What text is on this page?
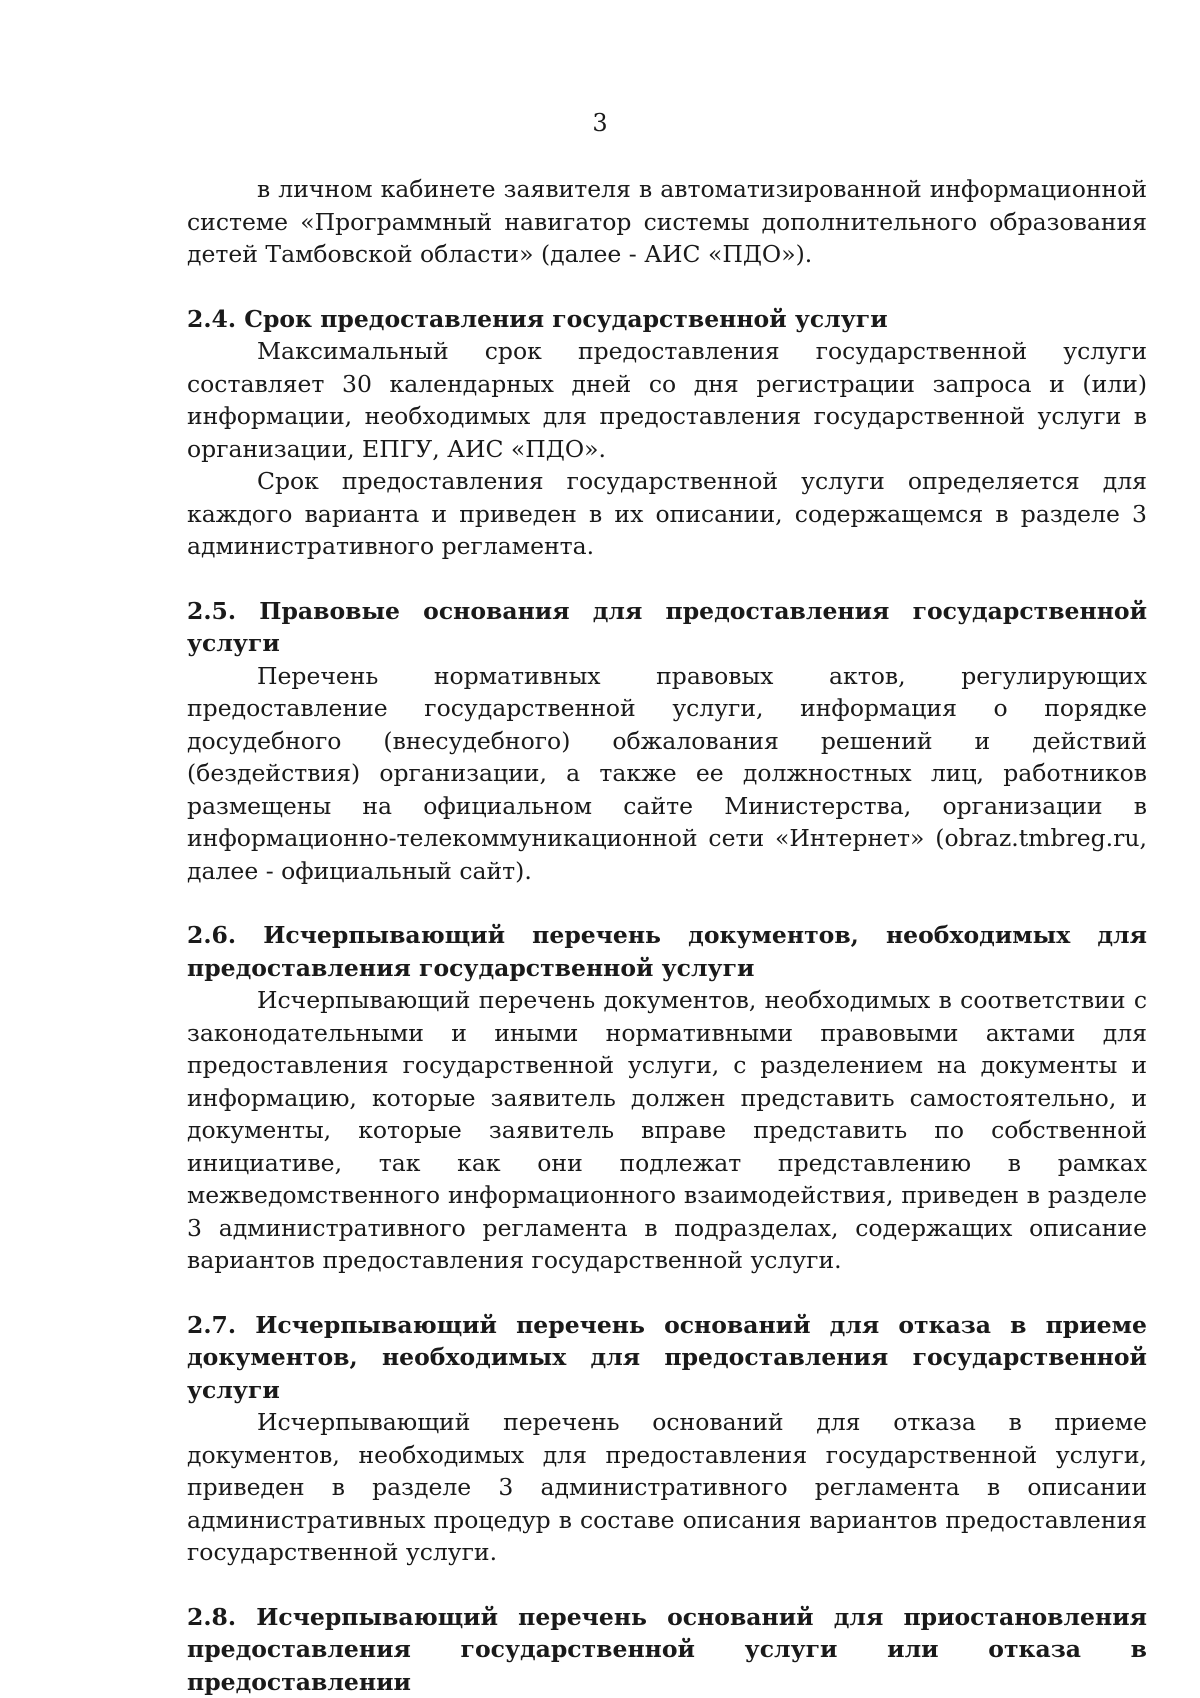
3

в личном кабинете заявителя в автоматизированной информационной системе «Программный навигатор системы дополнительного образования детей Тамбовской области» (далее - АИС «ПДО»).

2.4. Срок предоставления государственной услуги

Максимальный срок предоставления государственной услуги составляет 30 календарных дней со дня регистрации запроса и (или) информации, необходимых для предоставления государственной услуги в организации, ЕПГУ, АИС «ПДО».

Срок предоставления государственной услуги определяется для каждого варианта и приведен в их описании, содержащемся в разделе 3 административного регламента.

2.5. Правовые основания для предоставления государственной услуги

Перечень нормативных правовых актов, регулирующих предоставление государственной услуги, информация о порядке досудебного (внесудебного) обжалования решений и действий (бездействия) организации, а также ее должностных лиц, работников размещены на официальном сайте Министерства, организации в информационно-телекоммуникационной сети «Интернет» (obraz.tmbreg.ru, далее - официальный сайт).

2.6. Исчерпывающий перечень документов, необходимых для предоставления государственной услуги

Исчерпывающий перечень документов, необходимых в соответствии с законодательными и иными нормативными правовыми актами для предоставления государственной услуги, с разделением на документы и информацию, которые заявитель должен представить самостоятельно, и документы, которые заявитель вправе представить по собственной инициативе, так как они подлежат представлению в рамках межведомственного информационного взаимодействия, приведен в разделе 3 административного регламента в подразделах, содержащих описание вариантов предоставления государственной услуги.

2.7. Исчерпывающий перечень оснований для отказа в приеме документов, необходимых для предоставления государственной услуги

Исчерпывающий перечень оснований для отказа в приеме документов, необходимых для предоставления государственной услуги, приведен в разделе 3 административного регламента в описании административных процедур в составе описания вариантов предоставления государственной услуги.

2.8. Исчерпывающий перечень оснований для приостановления предоставления государственной услуги или отказа в предоставлении
